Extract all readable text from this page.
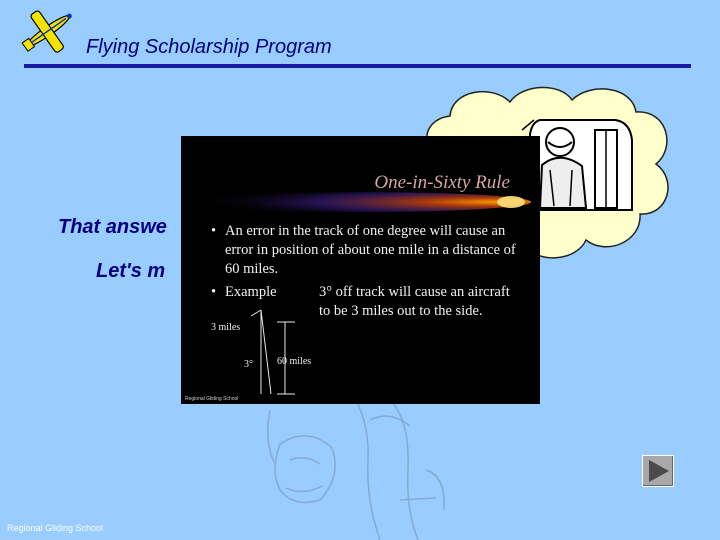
Flying Scholarship Program
That answe
Let's m
One-in-Sixty Rule
• An error in the track of one degree will cause an error in position of about one mile in a distance of 60 miles.
• Example	3° off track will cause an aircraft to be 3 miles out to the side.
3 miles
3° 60 miles
Regional Gliding School
Regional Gliding School
